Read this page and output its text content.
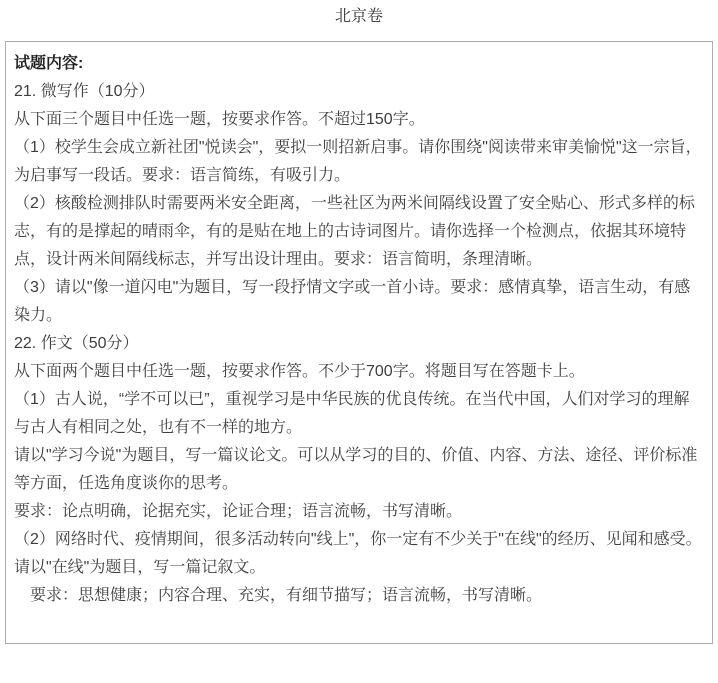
北京卷

试题内容:

21. 微写作（10分）

从下面三个题目中任选一题，按要求作答。不超过150字。

（1）校学生会成立新社团"悦读会"，要拟一则招新启事。请你围绕"阅读带来审美愉悦"这一宗旨，为启事写一段话。要求：语言简练，有吸引力。

（2）核酸检测排队时需要两米安全距离，一些社区为两米间隔线设置了安全贴心、形式多样的标志，有的是撑起的晴雨伞，有的是贴在地上的古诗词图片。请你选择一个检测点，依据其环境特点，设计两米间隔线标志，并写出设计理由。要求：语言简明，条理清晰。

（3）请以"像一道闪电"为题目，写一段抒情文字或一首小诗。要求：感情真挚，语言生动，有感染力。

22. 作文（50分）

从下面两个题目中任选一题，按要求作答。不少于700字。将题目写在答题卡上。

（1）古人说，“学不可以已”，重视学习是中华民族的优良传统。在当代中国，人们对学习的理解与古人有相同之处，也有不一样的地方。

请以"学习今说"为题目，写一篇议论文。可以从学习的目的、价值、内容、方法、途径、评价标准等方面，任选角度谈你的思考。

要求：论点明确，论据充实，论证合理；语言流畅，书写清晰。

（2）网络时代、疫情期间，很多活动转向"线上"，你一定有不少关于"在线"的经历、见闻和感受。

请以"在线"为题目，写一篇记叙文。

　要求：思想健康；内容合理、充实，有细节描写；语言流畅，书写清晰。
